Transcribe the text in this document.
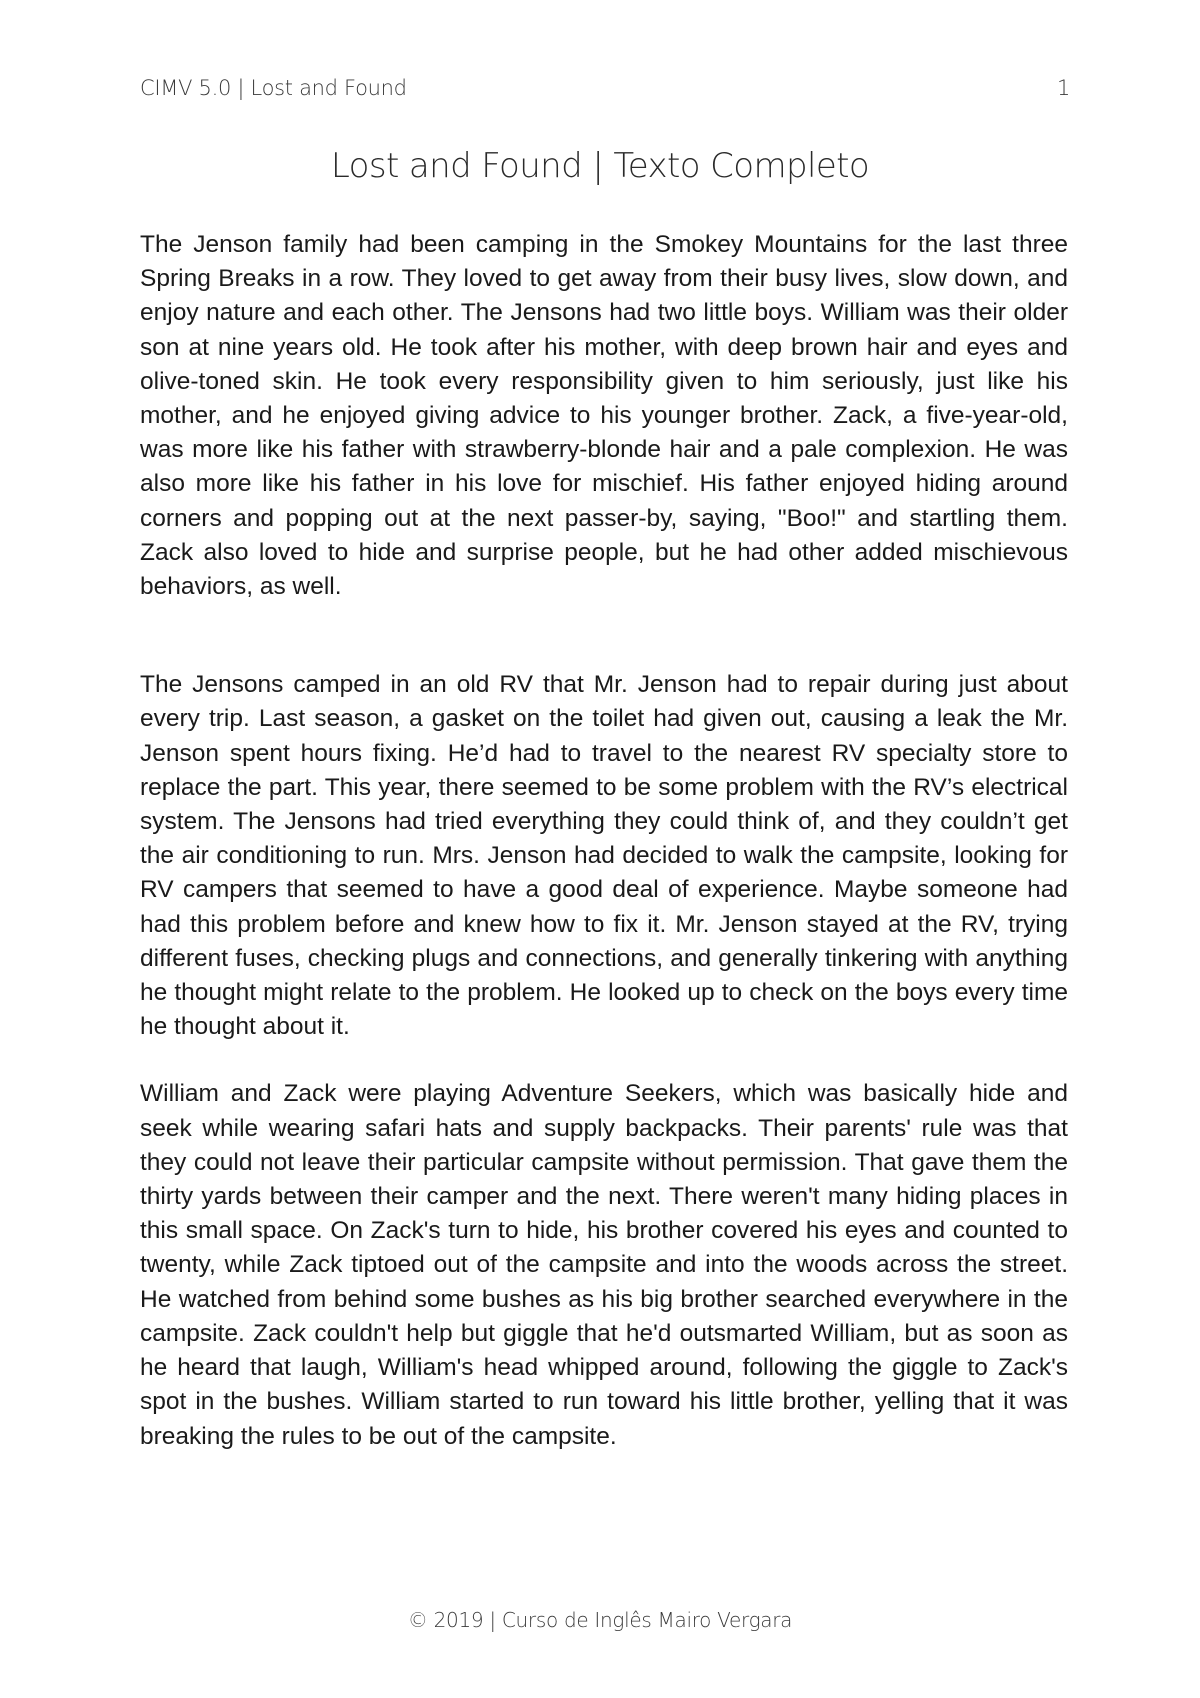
CIMV 5.0 | Lost and Found	1
Lost and Found | Texto Completo

The Jenson family had been camping in the Smokey Mountains for the last three Spring Breaks in a row. They loved to get away from their busy lives, slow down, and enjoy nature and each other. The Jensons had two little boys. William was their older son at nine years old. He took after his mother, with deep brown hair and eyes and olive-toned skin. He took every responsibility given to him seriously, just like his mother, and he enjoyed giving advice to his younger brother. Zack, a five-year-old, was more like his father with strawberry-blonde hair and a pale complexion. He was also more like his father in his love for mischief. His father enjoyed hiding around corners and popping out at the next passer-by, saying, "Boo!" and startling them. Zack also loved to hide and surprise people, but he had other added mischievous behaviors, as well.

The Jensons camped in an old RV that Mr. Jenson had to repair during just about every trip. Last season, a gasket on the toilet had given out, causing a leak the Mr. Jenson spent hours fixing. He’d had to travel to the nearest RV specialty store to replace the part. This year, there seemed to be some problem with the RV’s electrical system. The Jensons had tried everything they could think of, and they couldn’t get the air conditioning to run. Mrs. Jenson had decided to walk the campsite, looking for RV campers that seemed to have a good deal of experience. Maybe someone had had this problem before and knew how to fix it. Mr. Jenson stayed at the RV, trying different fuses, checking plugs and connections, and generally tinkering with anything he thought might relate to the problem. He looked up to check on the boys every time he thought about it.

William and Zack were playing Adventure Seekers, which was basically hide and seek while wearing safari hats and supply backpacks. Their parents' rule was that they could not leave their particular campsite without permission. That gave them the thirty yards between their camper and the next. There weren't many hiding places in this small space. On Zack's turn to hide, his brother covered his eyes and counted to twenty, while Zack tiptoed out of the campsite and into the woods across the street. He watched from behind some bushes as his big brother searched everywhere in the campsite. Zack couldn't help but giggle that he'd outsmarted William, but as soon as he heard that laugh, William's head whipped around, following the giggle to Zack's spot in the bushes. William started to run toward his little brother, yelling that it was breaking the rules to be out of the campsite.

© 2019 | Curso de Inglês Mairo Vergara
